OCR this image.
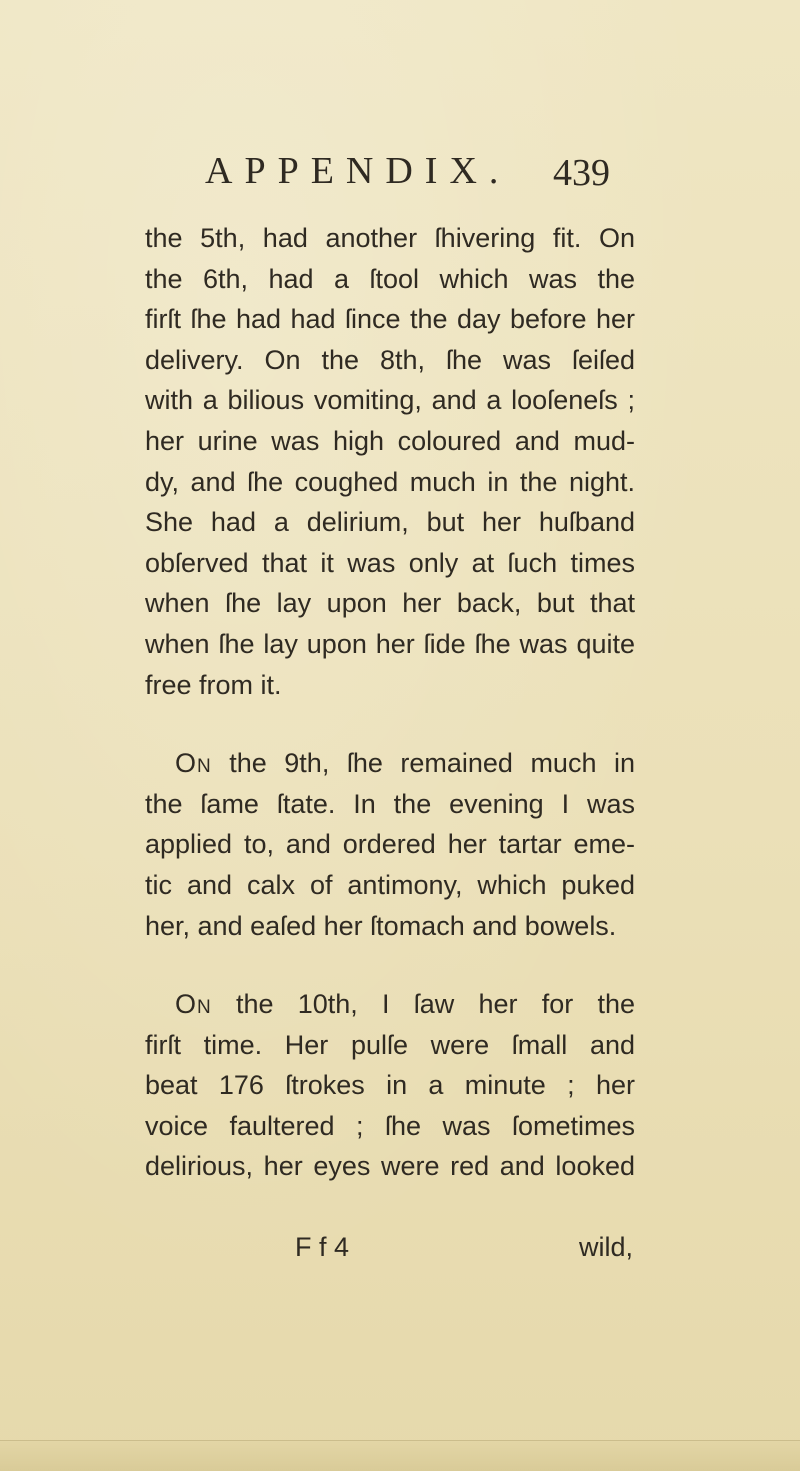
APPENDIX. 439
the 5th, had another ſhivering fit. On
the 6th, had a ſtool which was the
firſt ſhe had had ſince the day before her
delivery. On the 8th, ſhe was ſeiſed
with a bilious vomiting, and a looſeneſs ;
her urine was high coloured and mud-
dy, and ſhe coughed much in the night.
She had a delirium, but her huſband
obſerved that it was only at ſuch times
when ſhe lay upon her back, but that
when ſhe lay upon her ſide ſhe was quite
free from it.
On the 9th, ſhe remained much in
the ſame ſtate. In the evening I was
applied to, and ordered her tartar eme-
tic and calx of antimony, which puked
her, and eaſed her ſtomach and bowels.
On the 10th, I ſaw her for the
firſt time. Her pulſe were ſmall and
beat 176 ſtrokes in a minute ; her
voice faultered ; ſhe was ſometimes
delirious, her eyes were red and looked
F f 4	wild,
